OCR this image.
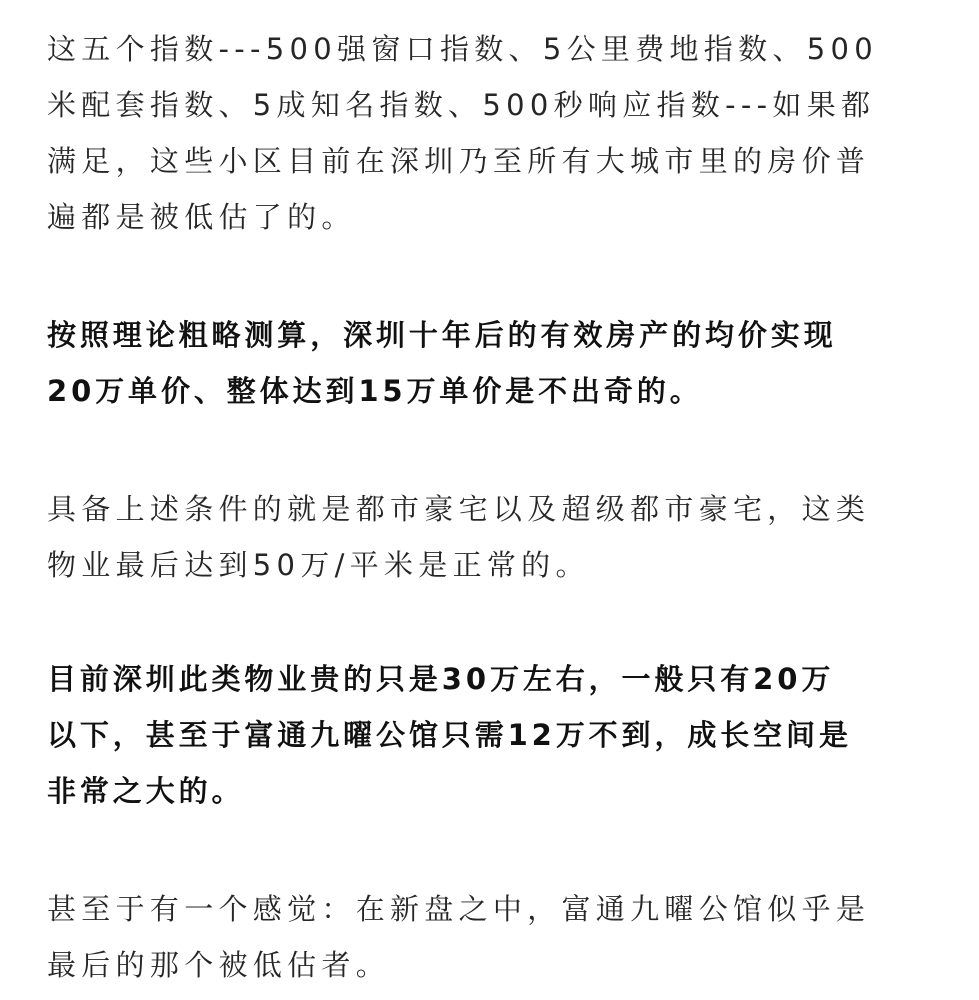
这五个指数---500强窗口指数、5公里费地指数、500
米配套指数、5成知名指数、500秒响应指数---如果都
满足，这些小区目前在深圳乃至所有大城市里的房价普
遍都是被低估了的。
按照理论粗略测算，深圳十年后的有效房产的均价实现
20万单价、整体达到15万单价是不出奇的。
具备上述条件的就是都市豪宅以及超级都市豪宅，这类
物业最后达到50万/平米是正常的。
目前深圳此类物业贵的只是30万左右，一般只有20万
以下，甚至于富通九曜公馆只需12万不到，成长空间是
非常之大的。
甚至于有一个感觉：在新盘之中，富通九曜公馆似乎是
最后的那个被低估者。
